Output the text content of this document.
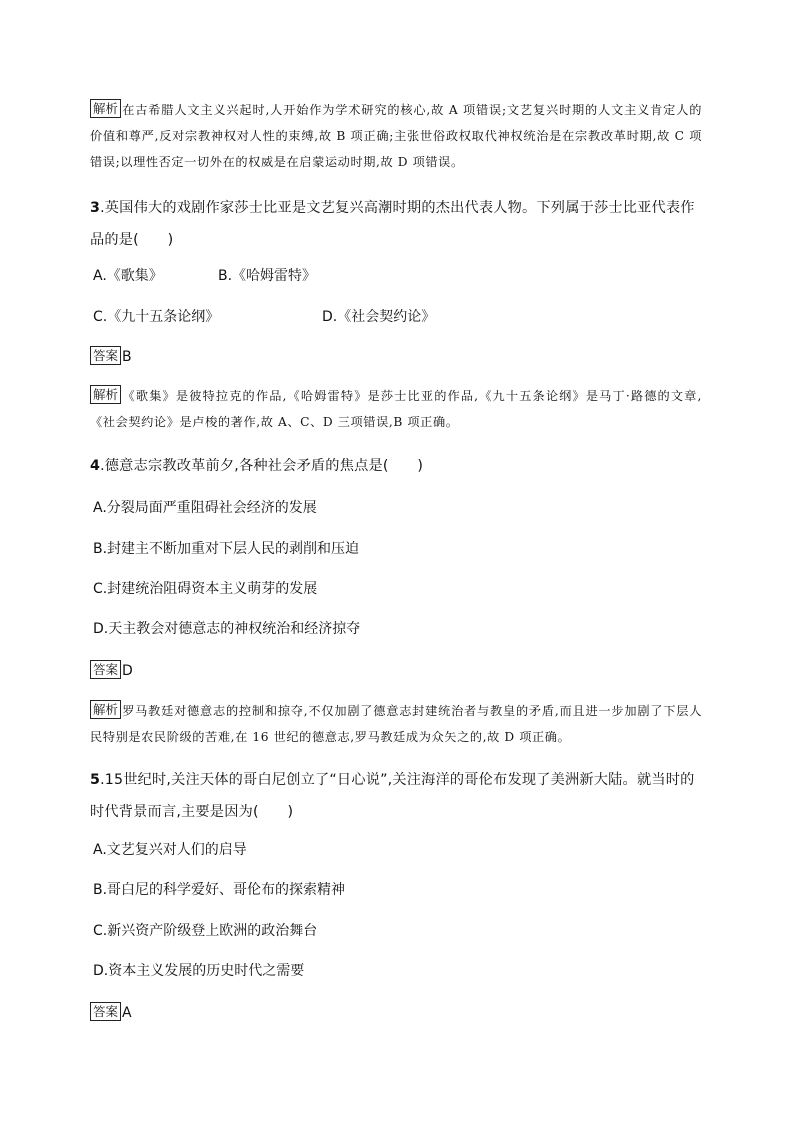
解析 在古希腊人文主义兴起时,人开始作为学术研究的核心,故 A 项错误;文艺复兴时期的人文主义肯定人的价值和尊严,反对宗教神权对人性的束缚,故 B 项正确;主张世俗政权取代神权统治是在宗教改革时期,故 C 项错误;以理性否定一切外在的权威是在启蒙运动时期,故 D 项错误。
3.英国伟大的戏剧作家莎士比亚是文艺复兴高潮时期的杰出代表人物。下列属于莎士比亚代表作品的是(　　)
A.《歌集》	B.《哈姆雷特》
C.《九十五条论纲》	D.《社会契约论》
答案 B
解析 《歌集》是彼特拉克的作品,《哈姆雷特》是莎士比亚的作品,《九十五条论纲》是马丁·路德的文章,《社会契约论》是卢梭的著作,故 A、C、D 三项错误,B 项正确。
4.德意志宗教改革前夕,各种社会矛盾的焦点是(　　)
A.分裂局面严重阻碍社会经济的发展
B.封建主不断加重对下层人民的剥削和压迫
C.封建统治阻碍资本主义萌芽的发展
D.天主教会对德意志的神权统治和经济掠夺
答案 D
解析 罗马教廷对德意志的控制和掠夺,不仅加剧了德意志封建统治者与教皇的矛盾,而且进一步加剧了下层人民特别是农民阶级的苦难,在 16 世纪的德意志,罗马教廷成为众矢之的,故 D 项正确。
5.15世纪时,关注天体的哥白尼创立了“日心说”,关注海洋的哥伦布发现了美洲新大陆。就当时的时代背景而言,主要是因为(　　)
A.文艺复兴对人们的启导
B.哥白尼的科学爱好、哥伦布的探索精神
C.新兴资产阶级登上欧洲的政治舞台
D.资本主义发展的历史时代之需要
答案 A
